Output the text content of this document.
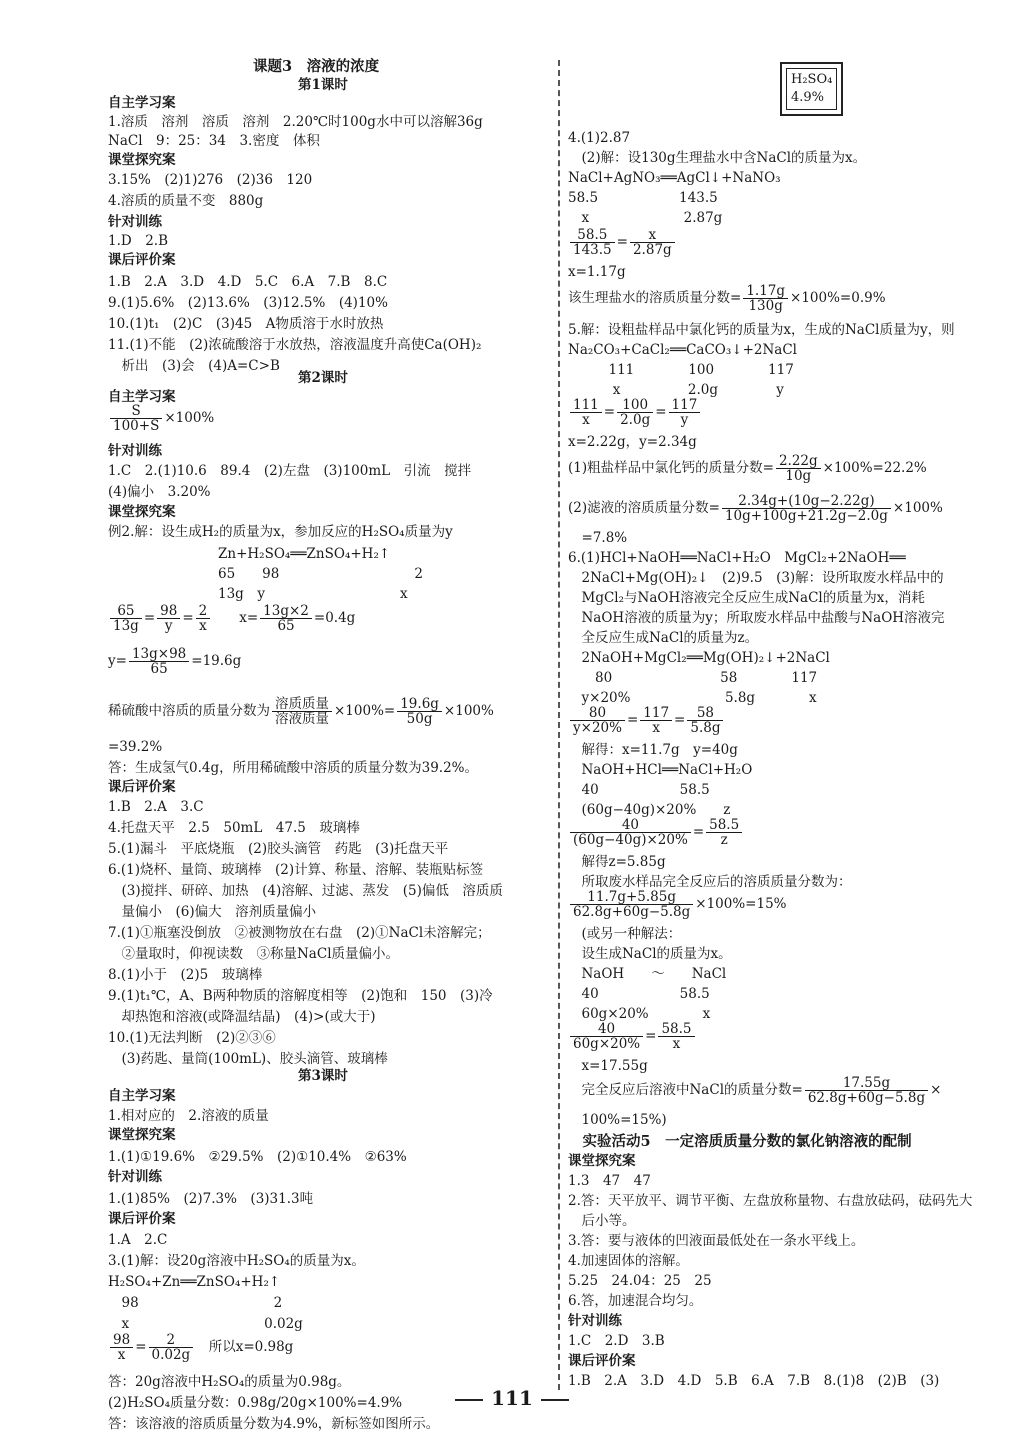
课题3　溶液的浓度
第1课时
自主学习案
1.溶质　溶剂　溶质　溶剂　2.20℃时100g水中可以溶解36g
NaCl　9：25：34　3.密度　体积
课堂探究案
3.15%　(2)1)276　(2)36　120
4.溶质的质量不变　880g
针对训练
1.D　2.B
课后评价案
1.B　2.A　3.D　4.D　5.C　6.A　7.B　8.C
9.(1)5.6%　(2)13.6%　(3)12.5%　(4)10%
10.(1)t₁　(2)C　(3)45　A物质溶于水时放热
11.(1)不能　(2)浓硫酸溶于水放热，溶液温度升高使Ca(OH)₂
　析出　(3)会　(4)A=C>B
第2课时
自主学习案
$\frac{S}{100+S} \times 100\%$
针对训练
1.C　2.(1)10.6　89.4　(2)左盘　(3)100mL　引流　搅拌
(4)偏小　3.20%
课堂探究案
例2.解：设生成H₂的质量为x，参加反应的H₂SO₄质量为y
Zn+H₂SO₄══ZnSO₄+H₂↑
65　　98　　　　　　　　　　2
13g　y　　　　　　　　　　x
$\frac{65}{13g} = \frac{98}{y} = \frac{2}{x}$ 　　$x= \frac{13g\times 2}{65} =0.4g$
$y= \frac{13g\times 98}{65} =19.6g$
稀硫酸中溶质的质量分数为 $\frac{\text{溶质质量}}{\text{溶液质量}} \times 100\%= \frac{19.6g}{50g} \times 100\%$
=39.2%
答：生成氢气0.4g，所用稀硫酸中溶质的质量分数为39.2%。
课后评价案
1.B　2.A　3.C
4.托盘天平　2.5　50mL　47.5　玻璃棒
5.(1)漏斗　平底烧瓶　(2)胶头滴管　药匙　(3)托盘天平
6.(1)烧杯、量筒、玻璃棒　(2)计算、称量、溶解、装瓶贴标签
　(3)搅拌、研碎、加热　(4)溶解、过滤、蒸发　(5)偏低　溶质质
　量偏小　(6)偏大　溶剂质量偏小
7.(1)①瓶塞没倒放　②被测物放在右盘　(2)①NaCl未溶解完；
　②量取时，仰视读数　③称量NaCl质量偏小。
8.(1)小于　(2)5　玻璃棒
9.(1)t₁℃，A、B两种物质的溶解度相等　(2)饱和　150　(3)冷
　却热饱和溶液(或降温结晶)　(4)>(或大于)
10.(1)无法判断　(2)②③⑥
　(3)药匙、量筒(100mL)、胶头滴管、玻璃棒
第3课时
自主学习案
1.相对应的　2.溶液的质量
课堂探究案
1.(1)①19.6%　②29.5%　(2)①10.4%　②63%
针对训练
1.(1)85%　(2)7.3%　(3)31.3吨
课后评价案
1.A　2.C
3.(1)解：设20g溶液中H₂SO₄的质量为x。
H₂SO₄+Zn══ZnSO₄+H₂↑
　98　　　　　　　　　　2
　x　　　　　　　　　　0.02g
$\frac{98}{x} = \frac{2}{0.02g}$ 　所以x=0.98g
答：20g溶液中H₂SO₄的质量为0.98g。
(2)H₂SO₄质量分数：0.98g/20g×100%=4.9%
答：该溶液的溶质质量分数为4.9%，新标签如图所示。
H₂SO₄
4.9%
4.(1)2.87
　(2)解：设130g生理盐水中含NaCl的质量为x。
NaCl+AgNO₃══AgCl↓+NaNO₃
58.5　　　　　　143.5
　x　　　　　　　2.87g
$\frac{58.5}{143.5} = \frac{x}{2.87g}$
x=1.17g
该生理盐水的溶质质量分数= $\frac{1.17g}{130g} \times 100\%=0.9\%$
5.解：设粗盐样品中氯化钙的质量为x，生成的NaCl质量为y，则
Na₂CO₃+CaCl₂══CaCO₃↓+2NaCl
　　　111　　　　100　　　　117
　　　 x　　　　　2.0g　　　　 y
$\frac{111}{x} = \frac{100}{2.0g} = \frac{117}{y}$
x=2.22g，y=2.34g
(1)粗盐样品中氯化钙的质量分数= $\frac{2.22g}{10g} \times 100\%=22.2\%$
(2)滤液的溶质质量分数= $\frac{2.34g+(10g-2.22g)}{10g+100g+21.2g-2.0g} \times 100\%$
　=7.8%
6.(1)HCl+NaOH══NaCl+H₂O　MgCl₂+2NaOH══
　2NaCl+Mg(OH)₂↓　(2)9.5　(3)解：设所取废水样品中的
　MgCl₂与NaOH溶液完全反应生成NaCl的质量为x，消耗
　NaOH溶液的质量为y；所取废水样品中盐酸与NaOH溶液完
　全反应生成NaCl的质量为z。
　2NaOH+MgCl₂══Mg(OH)₂↓+2NaCl
　　80　　　　　　　　58　　　　117
　y×20%　　　　　　　5.8g　　　　x
$\frac{80}{y\times 20\%} = \frac{117}{x} = \frac{58}{5.8g}$
　解得：x=11.7g　y=40g
　NaOH+HCl══NaCl+H₂O
　40　　　　　　58.5
　(60g−40g)×20%　　z
$\frac{40}{(60g-40g)\times 20\%} = \frac{58.5}{z}$
　解得z=5.85g
　所取废水样品完全反应后的溶质质量分数为：
$\frac{11.7g+5.85g}{62.8g+60g-5.8g} \times 100\%=15\%$
　(或另一种解法：
　设生成NaCl的质量为x。
　NaOH　　～　　NaCl
　40　　　　　　58.5
　60g×20%　　　　x
$\frac{40}{60g\times 20\%} = \frac{58.5}{x}$
　x=17.55g
　完全反应后溶液中NaCl的质量分数= $\frac{17.55g}{62.8g+60g-5.8g}$ ×
　100%=15%)
　实验活动5　一定溶质质量分数的氯化钠溶液的配制
课堂探究案
1.3　47　47
2.答：天平放平、调节平衡、左盘放称量物、右盘放砝码，砝码先大
　后小等。
3.答：要与液体的凹液面最低处在一条水平线上。
4.加速固体的溶解。
5.25　24.04：25　25
6.答，加速混合均匀。
针对训练
1.C　2.D　3.B
课后评价案
1.B　2.A　3.D　4.D　5.B　6.A　7.B　8.(1)8　(2)B　(3)
111
